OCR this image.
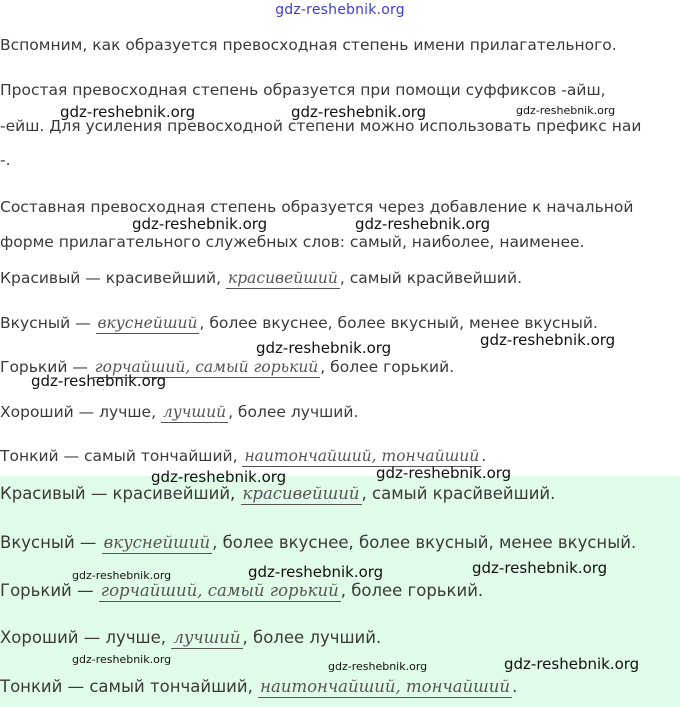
gdz-reshebnik.org
Вспомним, как образуется превосходная степень имени прилагательного.
Простая превосходная степень образуется при помощи суффиксов -айш,
-ейш. Для усиления превосходной степени можно использовать префикс наи
-.
Составная превосходная степень образуется через добавление к начальной
форме прилагательного служебных слов: самый, наиболее, наименее.
Красивый — красивейший, красивейший , самый красйвейший.
Вкусный — вкуснейший , более вкуснее, более вкусный, менее вкусный.
Горький — горчайший, самый горький , более горький.
Хороший — лучше, лучший , более лучший.
Тонкий — самый тончайший, наитончайший, тончайший .
Красивый — красивейший, красивейший , самый красйвейший.
Вкусный — вкуснейший , более вкуснее, более вкусный, менее вкусный.
Горький — горчайший, самый горький , более горький.
Хороший — лучше, лучший , более лучший.
Тонкий — самый тончайший, наитончайший, тончайший .
gdz-reshebnik.org	gdz-reshebnik.org	gdz-reshebnik.org
gdz-reshebnik.org	gdz-reshebnik.org
gdz-reshebnik.org	gdz-reshebnik.org
gdz-reshebnik.org
gdz-reshebnik.org	gdz-reshebnik.org
gdz-reshebnik.org	gdz-reshebnik.org	gdz-reshebnik.org
gdz-reshebnik.org
gdz-reshebnik.org	gdz-reshebnik.org
